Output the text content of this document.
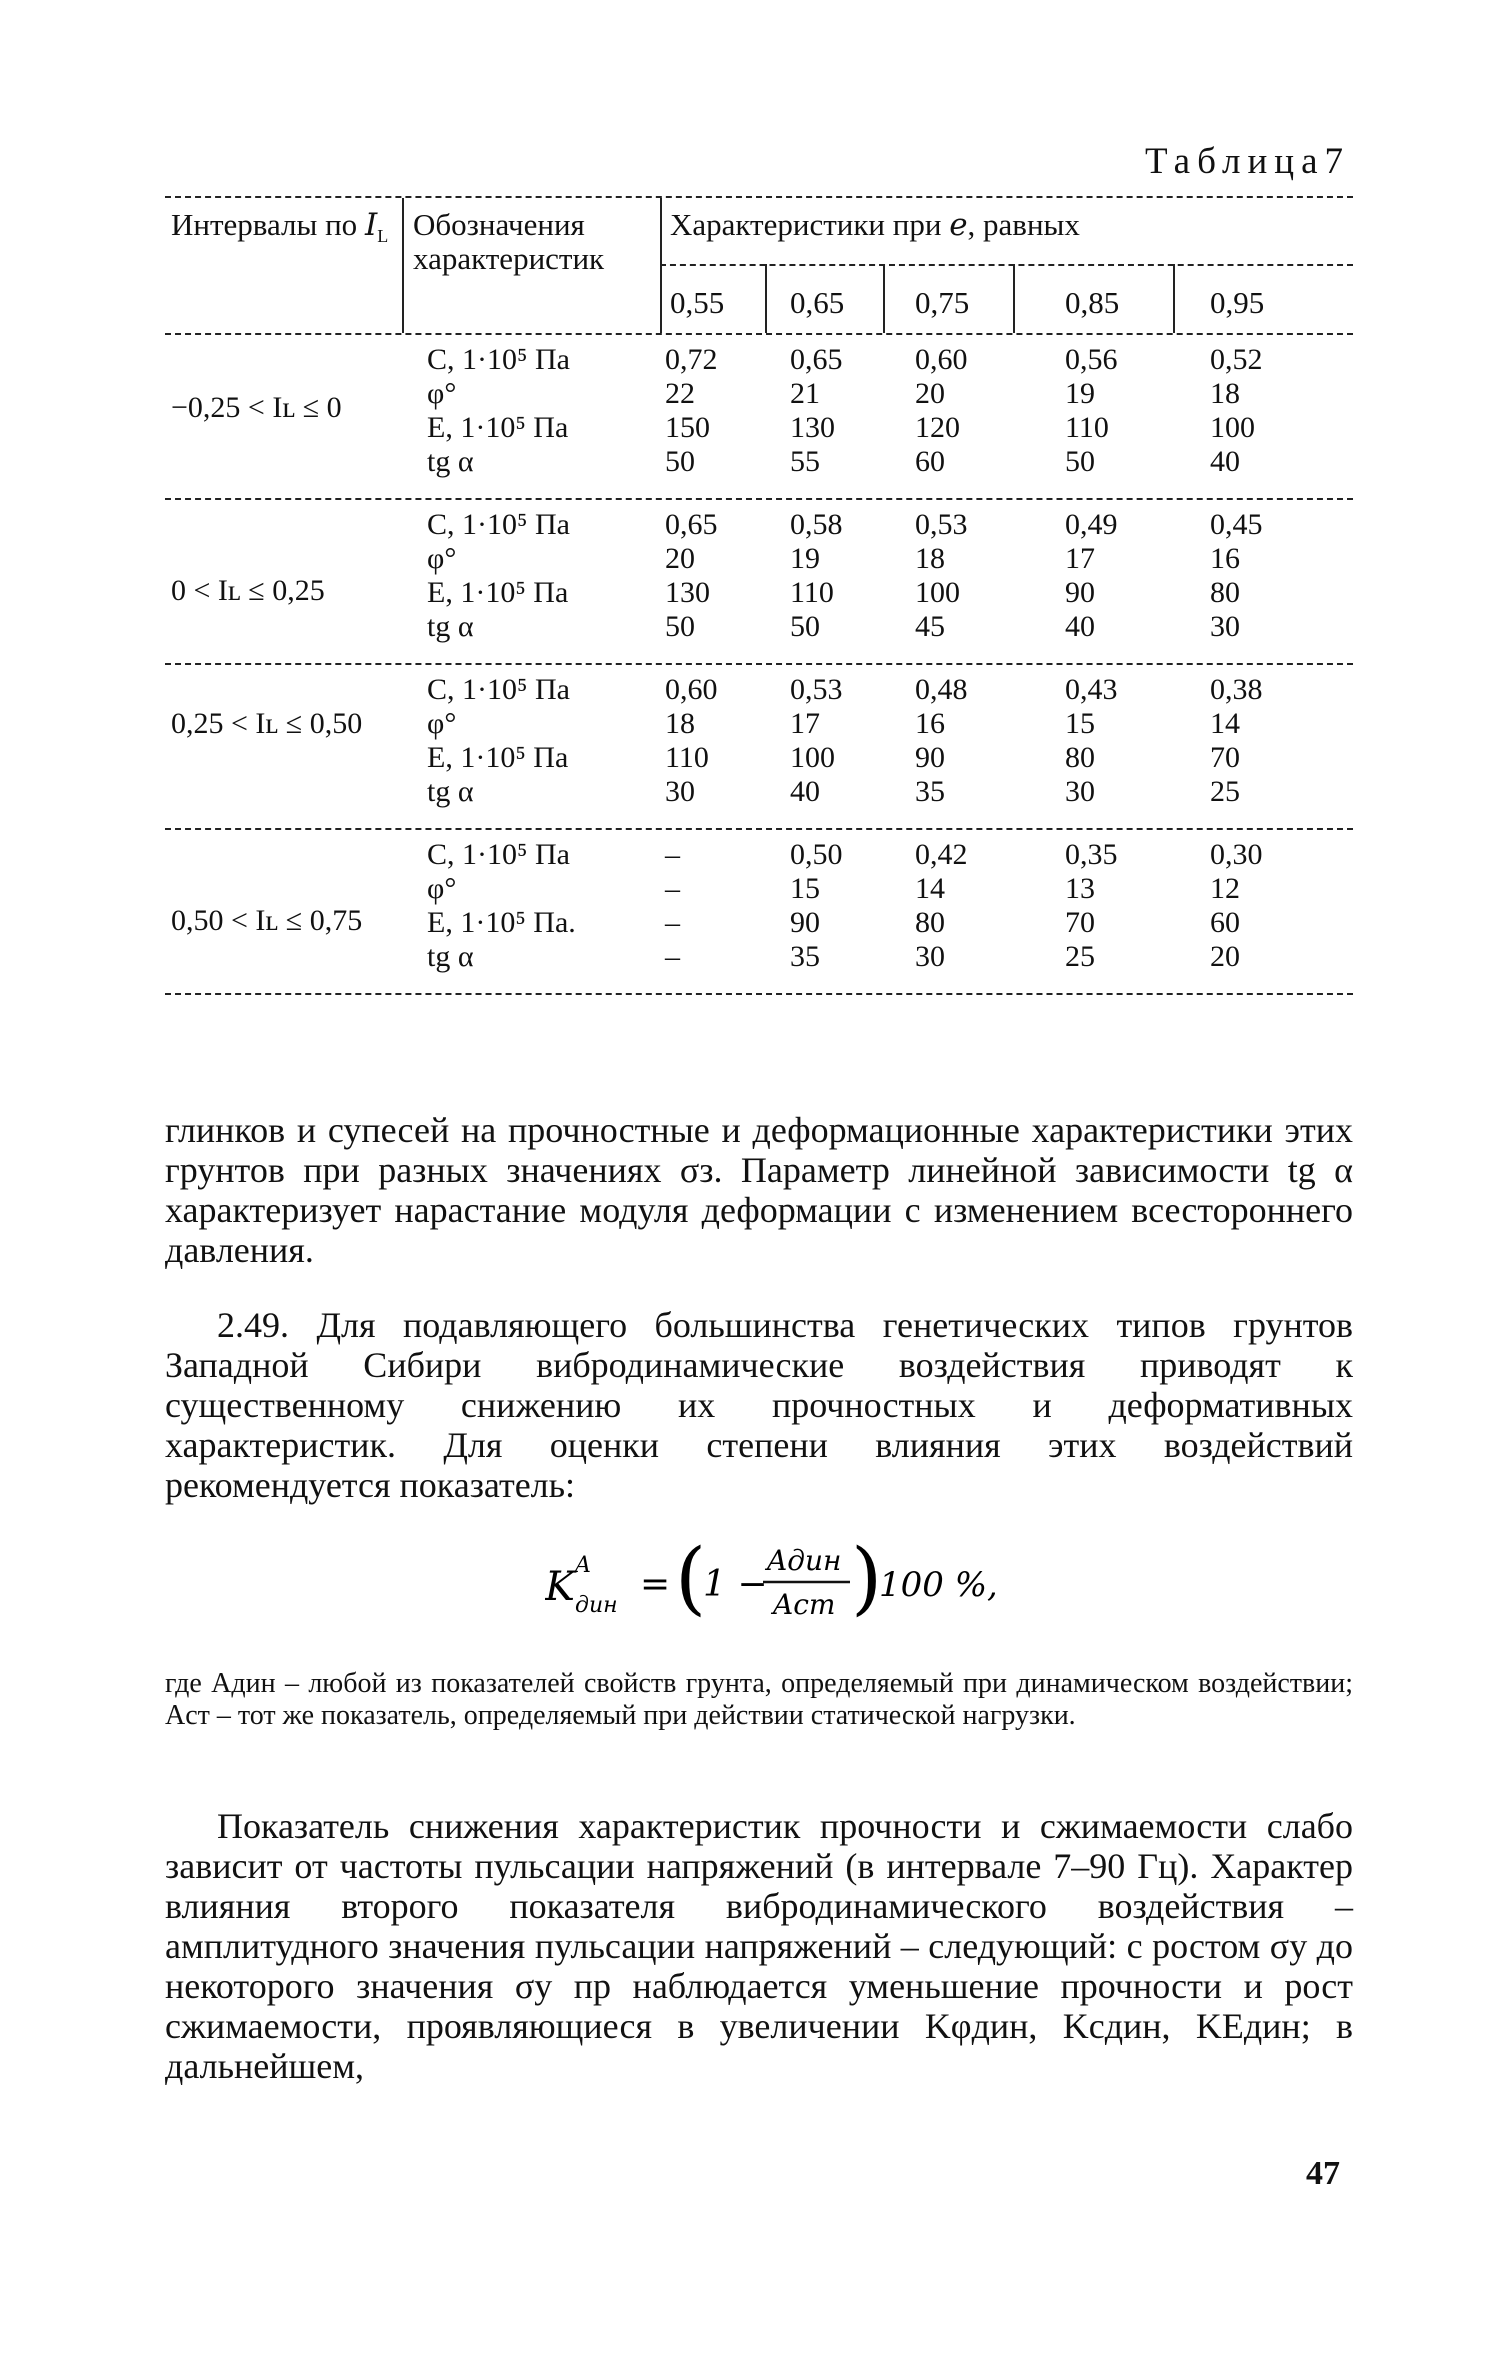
Таблица7
Интервалы по $I_L$ Обозначения характеристик
Характеристики при e, равных
0,55 0,65 0,75	0,85	0,95
−0,25 < Iʟ ≤ 0
С, 1·10⁵ Па
φ°
Е, 1·10⁵ Па
tg α
0,72
22
150
50
0,65
21
130
55
0,60
20
120
60
0,56
19
110
50
0,52
18
100
40
0 < Iʟ ≤ 0,25
С, 1·10⁵ Па
φ°
Е, 1·10⁵ Па
tg α
0,65
20
130
50
0,58
19
110
50
0,53
18
100
45
0,49
17
90
40
0,45
16
80
30
0,25 < Iʟ ≤ 0,50
С, 1·10⁵ Па
φ°
Е, 1·10⁵ Па
tg α
0,60
18
110
30
0,53
17
100
40
0,48
16
90
35
0,43
15
80
30
0,38
14
70
25
0,50 < Iʟ ≤ 0,75
С, 1·10⁵ Па
φ°
Е, 1·10⁵ Па.
tg α
–
–
–
–
0,50
15
90
35
0,42
14
80
30
0,35
13
70
25
0,30
12
60
20

глинков и супесей на прочностные и деформационные характеристики этих грунтов при разных значениях σз. Параметр линейной зависимости tg α характеризует нарастание модуля деформации с изменением всестороннего давления.

2.49. Для подавляющего большинства генетических типов грунтов Западной Сибири вибродинамические воздействия приводят к существенному снижению их прочностных и деформативных характеристик. Для оценки степени влияния этих воздействий рекомендуется показатель:

K A
дин
= (
1 −
Aдин
Aст )
100 %,
где Aдин – любой из показателей свойств грунта, определяемый при динамическом воздействии; Aст – тот же показатель, определяемый при действии статической нагрузки.

Показатель снижения характеристик прочности и сжимаемости слабо зависит от частоты пульсации напряжений (в интервале 7–90 Гц). Характер влияния второго показателя вибродинамического воздействия – амплитудного значения пульсации напряжений – следующий: с ростом σу до некоторого значения σу пр наблюдается уменьшение прочности и рост сжимаемости, проявляющиеся в увеличении Kφдин, Kсдин, KЕдин; в дальнейшем,

47
